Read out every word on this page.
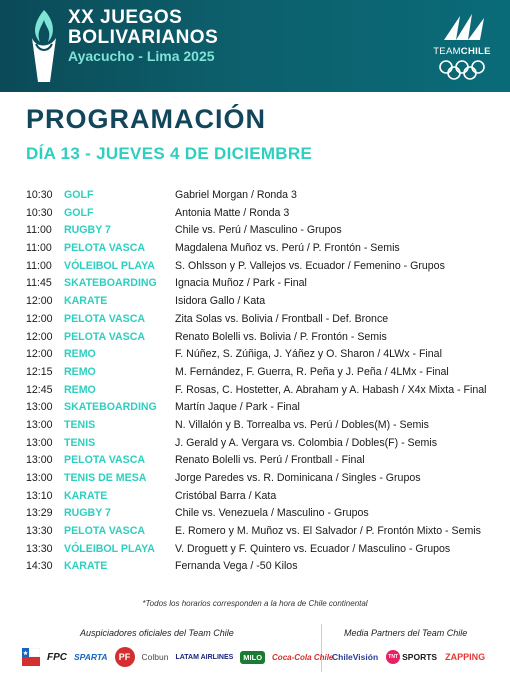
XX JUEGOS
BOLIVARIANOS
Ayacucho - Lima 2025	TEAMCHILE
PROGRAMACIÓN
DÍA 13 - JUEVES 4 DE DICIEMBRE
10:30	GOLF	Gabriel Morgan / Ronda 3
10:30	GOLF	Antonia Matte / Ronda 3
11:00	RUGBY 7	Chile vs. Perú / Masculino - Grupos
11:00	PELOTA VASCA	Magdalena Muñoz vs. Perú / P. Frontón - Semis
11:00	VÓLEIBOL PLAYA	S. Ohlsson y P. Vallejos vs. Ecuador / Femenino - Grupos
11:45	SKATEBOARDING	Ignacia Muñoz / Park - Final
12:00	KARATE	Isidora Gallo / Kata
12:00	PELOTA VASCA	Zita Solas vs. Bolivia / Frontball - Def. Bronce
12:00	PELOTA VASCA	Renato Bolelli vs. Bolivia / P. Frontón - Semis
12:00	REMO	F. Núñez, S. Zúñiga, J. Yáñez y O. Sharon / 4LWx - Final
12:15	REMO	M. Fernández, F. Guerra, R. Peña y J. Peña / 4LMx - Final
12:45	REMO	F. Rosas, C. Hostetter, A. Abraham y A. Habash / X4x Mixta - Final
13:00	SKATEBOARDING	Martín Jaque / Park - Final
13:00	TENIS	N. Villalón y B. Torrealba vs. Perú / Dobles(M) - Semis
13:00	TENIS	J. Gerald y A. Vergara vs. Colombia / Dobles(F) - Semis
13:00	PELOTA VASCA	Renato Bolelli vs. Perú / Frontball - Final
13:00	TENIS DE MESA	Jorge Paredes vs. R. Dominicana / Singles - Grupos
13:10	KARATE	Cristóbal Barra / Kata
13:29	RUGBY 7	Chile vs. Venezuela / Masculino - Grupos
13:30	PELOTA VASCA	E. Romero y M. Muñoz vs. El Salvador / P. Frontón Mixto - Semis
13:30	VÓLEIBOL PLAYA	V. Droguett y F. Quintero vs. Ecuador / Masculino - Grupos
14:30	KARATE	Fernanda Vega / -50 Kilos
*Todos los horarios corresponden a la hora de Chile continental
Auspiciadores oficiales del Team Chile	Media Partners del Team Chile
FPC SPARTA	PF	Colbun LATAM AIRLINES	MILO	Coca-Cola Chile
ChileVisión	TNT SPORTS ZAPPING
